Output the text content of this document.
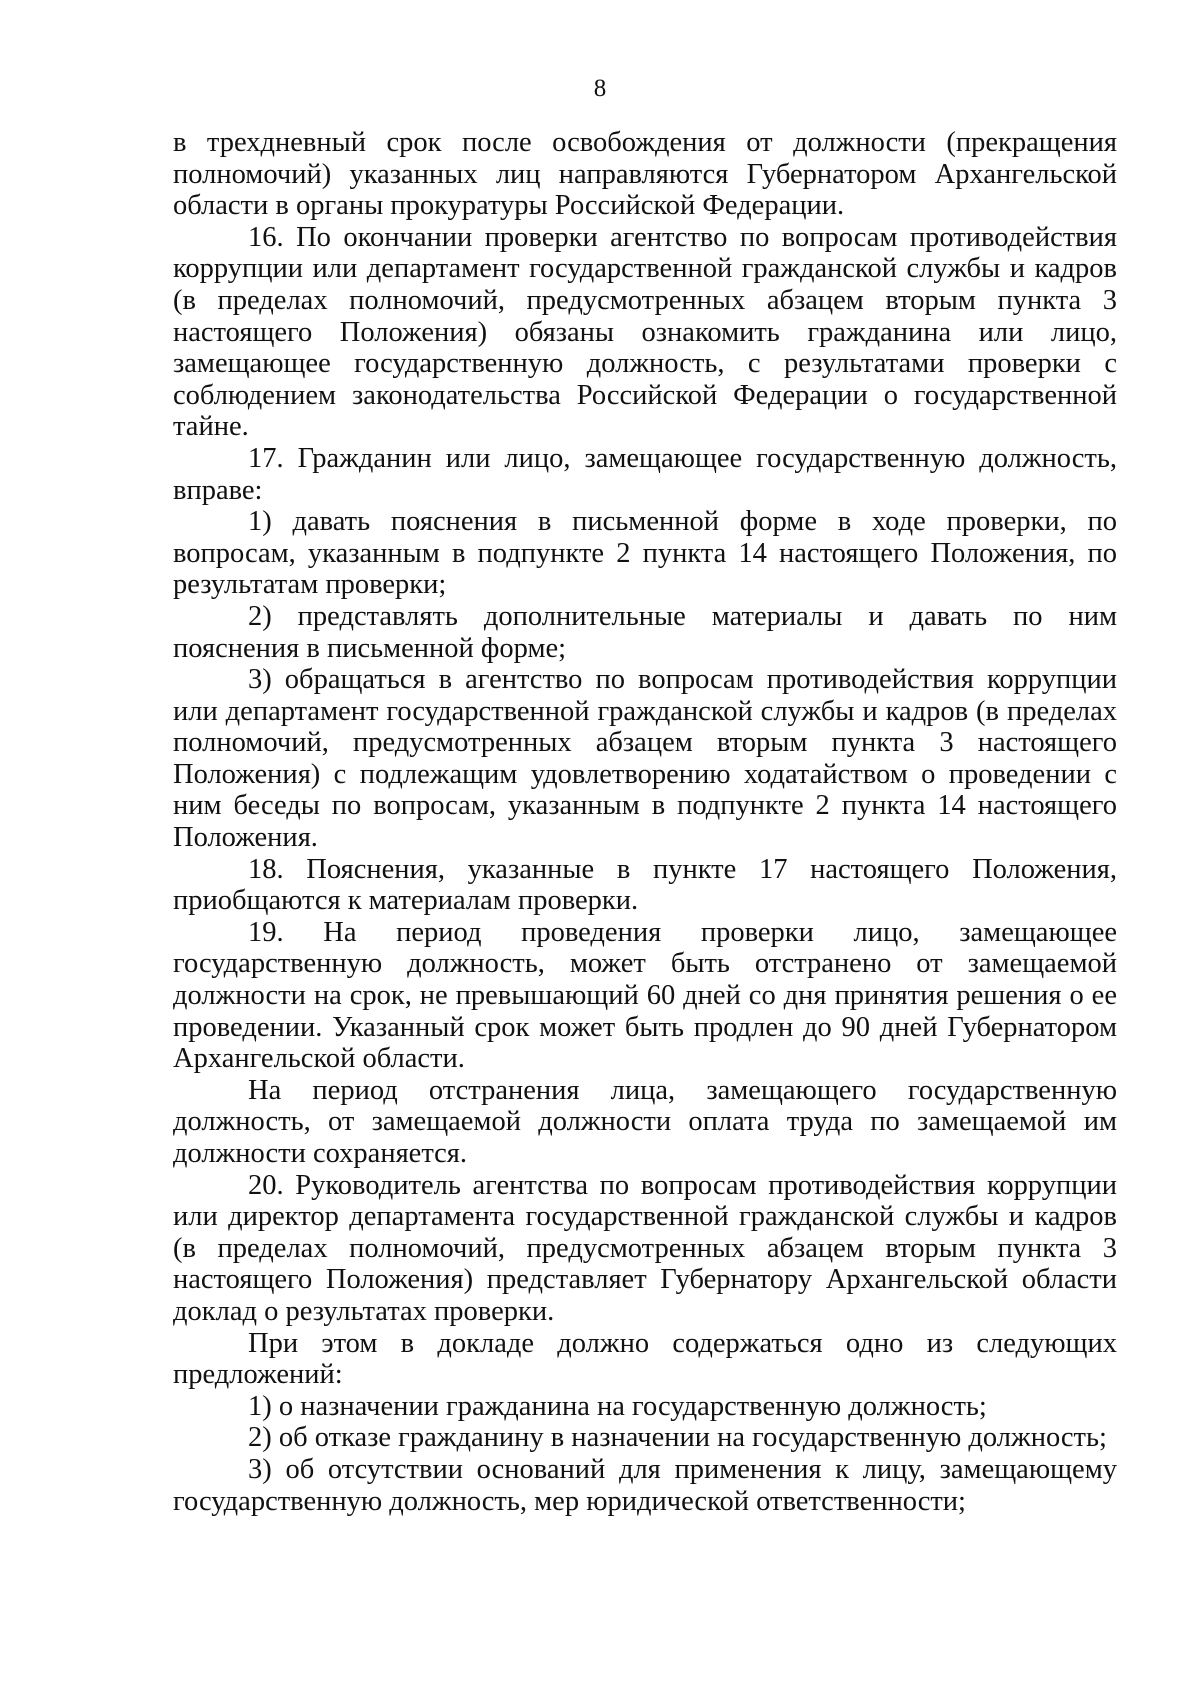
8

в трехдневный срок после освобождения от должности (прекращения полномочий) указанных лиц направляются Губернатором Архангельской области в органы прокуратуры Российской Федерации.

16. По окончании проверки агентство по вопросам противодействия коррупции или департамент государственной гражданской службы и кадров (в пределах полномочий, предусмотренных абзацем вторым пункта 3 настоящего Положения) обязаны ознакомить гражданина или лицо, замещающее государственную должность, с результатами проверки с соблюдением законодательства Российской Федерации о государственной тайне.

17. Гражданин или лицо, замещающее государственную должность, вправе:

1) давать пояснения в письменной форме в ходе проверки, по вопросам, указанным в подпункте 2 пункта 14 настоящего Положения, по результатам проверки;

2) представлять дополнительные материалы и давать по ним пояснения в письменной форме;

3) обращаться в агентство по вопросам противодействия коррупции или департамент государственной гражданской службы и кадров (в пределах полномочий, предусмотренных абзацем вторым пункта 3 настоящего Положения) с подлежащим удовлетворению ходатайством о проведении с ним беседы по вопросам, указанным в подпункте 2 пункта 14 настоящего Положения.

18. Пояснения, указанные в пункте 17 настоящего Положения, приобщаются к материалам проверки.

19. На период проведения проверки лицо, замещающее государственную должность, может быть отстранено от замещаемой должности на срок, не превышающий 60 дней со дня принятия решения о ее проведении. Указанный срок может быть продлен до 90 дней Губернатором Архангельской области.

На период отстранения лица, замещающего государственную должность, от замещаемой должности оплата труда по замещаемой им должности сохраняется.

20. Руководитель агентства по вопросам противодействия коррупции или директор департамента государственной гражданской службы и кадров (в пределах полномочий, предусмотренных абзацем вторым пункта 3 настоящего Положения) представляет Губернатору Архангельской области доклад о результатах проверки.

При этом в докладе должно содержаться одно из следующих предложений:

1) о назначении гражданина на государственную должность;

2) об отказе гражданину в назначении на государственную должность;

3) об отсутствии оснований для применения к лицу, замещающему государственную должность, мер юридической ответственности;
